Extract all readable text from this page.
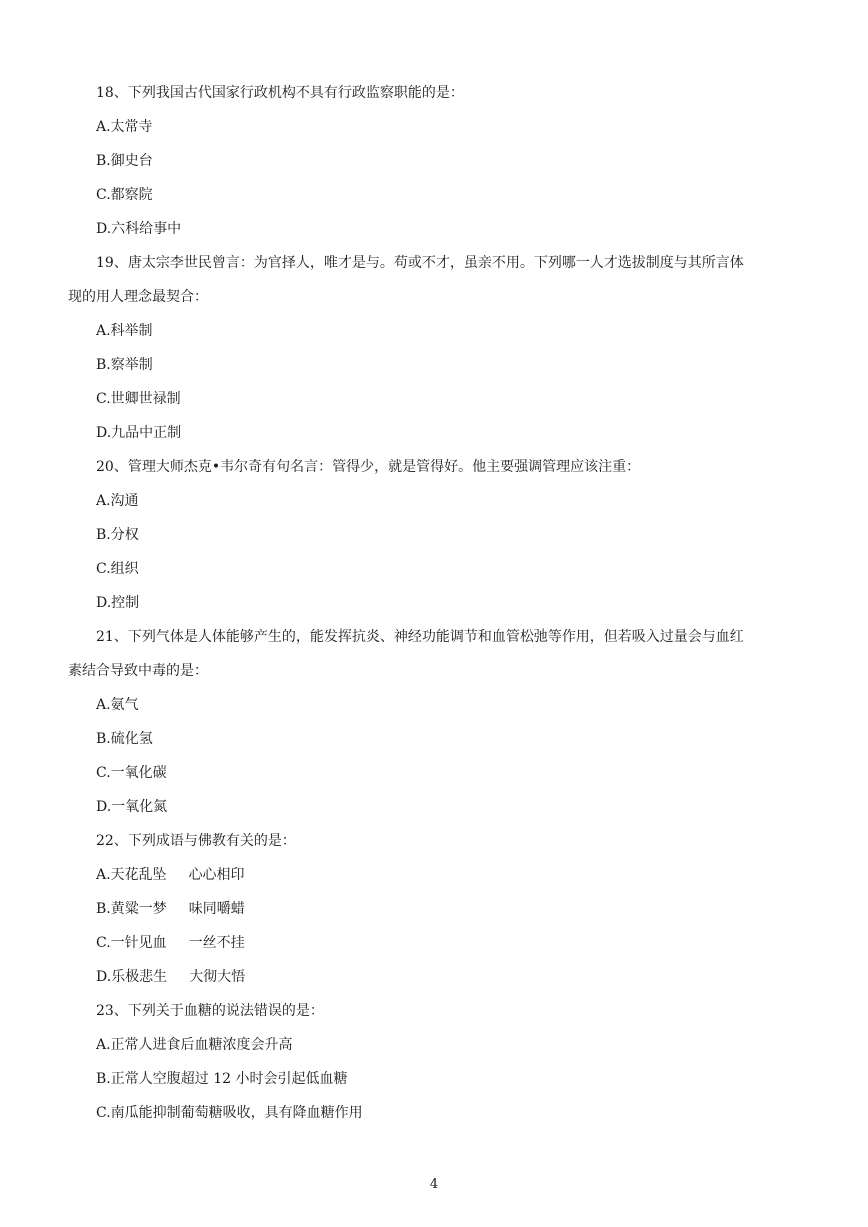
18、下列我国古代国家行政机构不具有行政监察职能的是：
A.太常寺
B.御史台
C.都察院
D.六科给事中
19、唐太宗李世民曾言：为官择人，唯才是与。苟或不才，虽亲不用。下列哪一人才选拔制度与其所言体
现的用人理念最契合：
A.科举制
B.察举制
C.世卿世禄制
D.九品中正制
20、管理大师杰克•韦尔奇有句名言：管得少，就是管得好。他主要强调管理应该注重：
A.沟通
B.分权
C.组织
D.控制
21、下列气体是人体能够产生的，能发挥抗炎、神经功能调节和血管松弛等作用，但若吸入过量会与血红
素结合导致中毒的是：
A.氨气
B.硫化氢
C.一氧化碳
D.一氧化氮
22、下列成语与佛教有关的是：
A.天花乱坠 心心相印
B.黄粱一梦 味同嚼蜡
C.一针见血 一丝不挂
D.乐极悲生 大彻大悟
23、下列关于血糖的说法错误的是：
A.正常人进食后血糖浓度会升高
B.正常人空腹超过 12 小时会引起低血糖
C.南瓜能抑制葡萄糖吸收，具有降血糖作用
4
